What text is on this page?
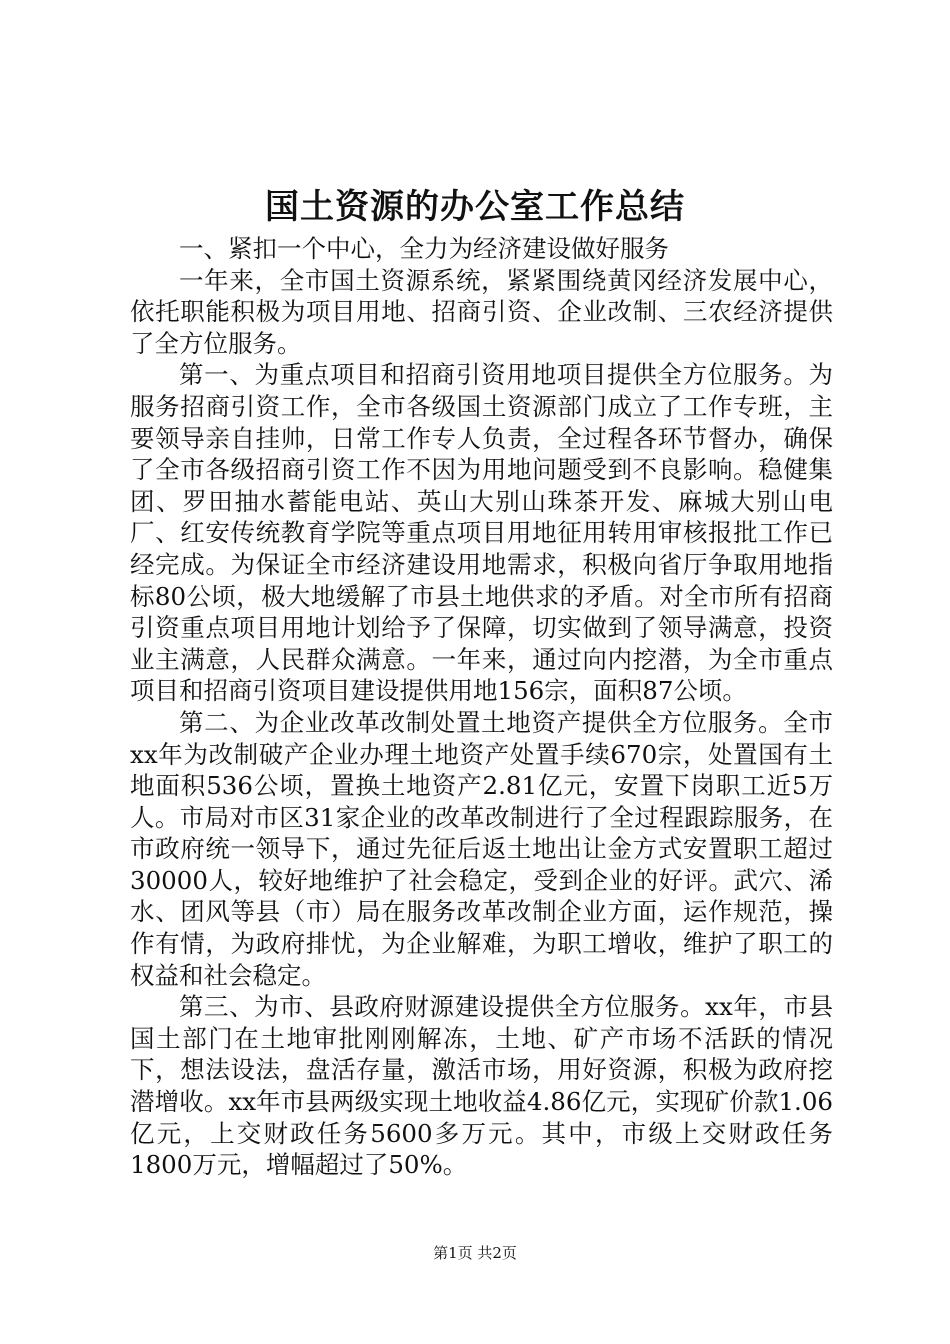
国土资源的办公室工作总结

一、紧扣一个中心，全力为经济建设做好服务

一年来，全市国土资源系统，紧紧围绕黄冈经济发展中心，依托职能积极为项目用地、招商引资、企业改制、三农经济提供了全方位服务。

第一、为重点项目和招商引资用地项目提供全方位服务。为服务招商引资工作，全市各级国土资源部门成立了工作专班，主要领导亲自挂帅，日常工作专人负责，全过程各环节督办，确保了全市各级招商引资工作不因为用地问题受到不良影响。稳健集团、罗田抽水蓄能电站、英山大别山珠茶开发、麻城大别山电厂、红安传统教育学院等重点项目用地征用转用审核报批工作已经完成。为保证全市经济建设用地需求，积极向省厅争取用地指标80公顷，极大地缓解了市县土地供求的矛盾。对全市所有招商引资重点项目用地计划给予了保障，切实做到了领导满意，投资业主满意，人民群众满意。一年来，通过向内挖潜，为全市重点项目和招商引资项目建设提供用地156宗，面积87公顷。

第二、为企业改革改制处置土地资产提供全方位服务。全市xx年为改制破产企业办理土地资产处置手续670宗，处置国有土地面积536公顷，置换土地资产2.81亿元，安置下岗职工近5万人。市局对市区31家企业的改革改制进行了全过程跟踪服务，在市政府统一领导下，通过先征后返土地出让金方式安置职工超过30000人，较好地维护了社会稳定，受到企业的好评。武穴、浠水、团风等县（市）局在服务改革改制企业方面，运作规范，操作有情，为政府排忧，为企业解难，为职工增收，维护了职工的权益和社会稳定。

第三、为市、县政府财源建设提供全方位服务。xx年，市县国土部门在土地审批刚刚解冻，土地、矿产市场不活跃的情况下，想法设法，盘活存量，激活市场，用好资源，积极为政府挖潜增收。xx年市县两级实现土地收益4.86亿元，实现矿价款1.06亿元，上交财政任务5600多万元。其中，市级上交财政任务1800万元，增幅超过了50%。

第1页 共2页
